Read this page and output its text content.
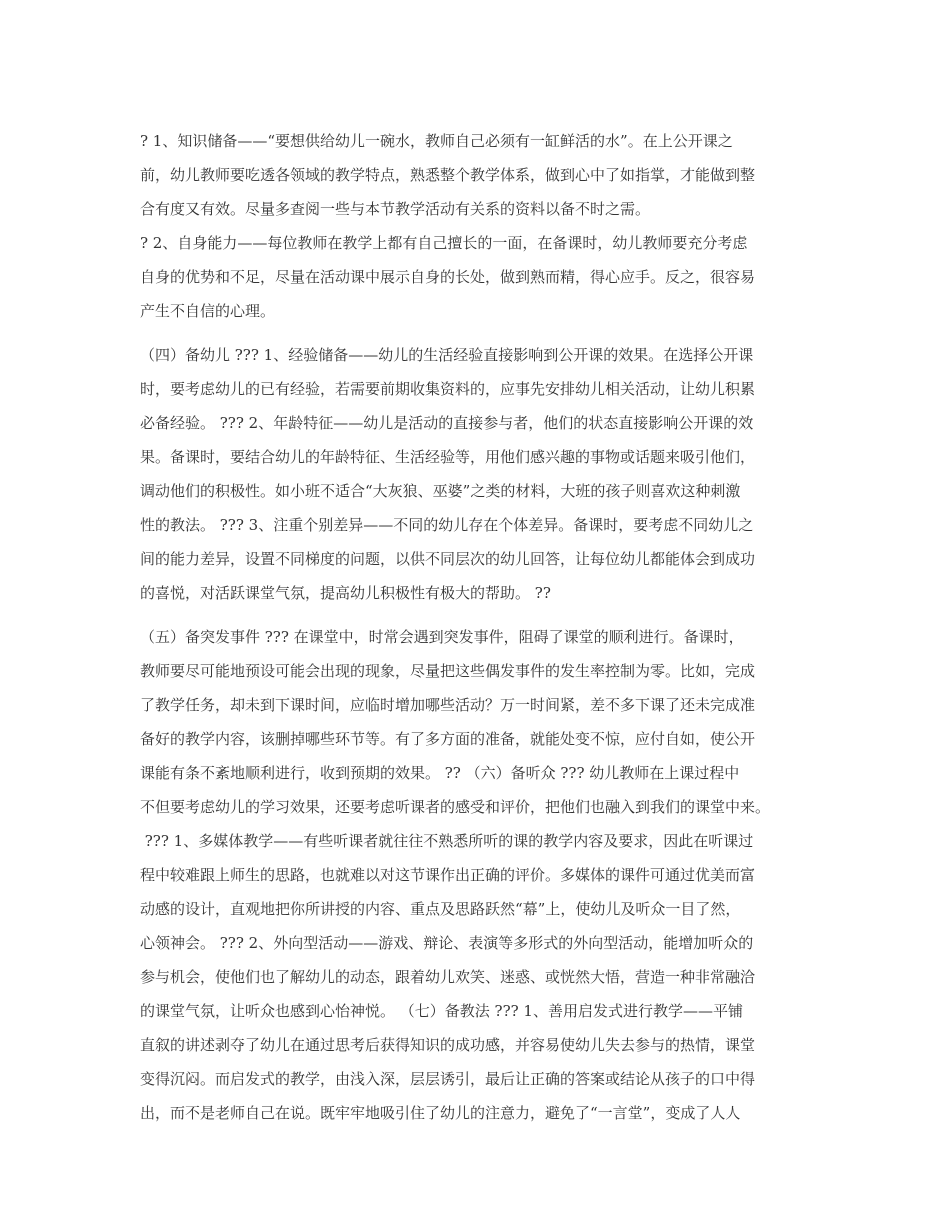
? 1、知识储备——“要想供给幼儿一碗水，教师自己必须有一缸鲜活的水”。在上公开课之
前，幼儿教师要吃透各领域的教学特点，熟悉整个教学体系，做到心中了如指掌，才能做到整
合有度又有效。尽量多查阅一些与本节教学活动有关系的资料以备不时之需。
? 2、自身能力——每位教师在教学上都有自己擅长的一面，在备课时，幼儿教师要充分考虑
自身的优势和不足，尽量在活动课中展示自身的长处，做到熟而精，得心应手。反之，很容易
产生不自信的心理。
（四）备幼儿 ??? 1、经验储备——幼儿的生活经验直接影响到公开课的效果。在选择公开课
时，要考虑幼儿的已有经验，若需要前期收集资料的，应事先安排幼儿相关活动，让幼儿积累
必备经验。 ??? 2、年龄特征——幼儿是活动的直接参与者，他们的状态直接影响公开课的效
果。备课时，要结合幼儿的年龄特征、生活经验等，用他们感兴趣的事物或话题来吸引他们，
调动他们的积极性。如小班不适合“大灰狼、巫婆”之类的材料，大班的孩子则喜欢这种刺激
性的教法。 ??? 3、注重个别差异——不同的幼儿存在个体差异。备课时，要考虑不同幼儿之
间的能力差异，设置不同梯度的问题，以供不同层次的幼儿回答，让每位幼儿都能体会到成功
的喜悦，对活跃课堂气氛，提高幼儿积极性有极大的帮助。 ??
（五）备突发事件 ??? 在课堂中，时常会遇到突发事件，阻碍了课堂的顺利进行。备课时，
教师要尽可能地预设可能会出现的现象，尽量把这些偶发事件的发生率控制为零。比如，完成
了教学任务，却未到下课时间，应临时增加哪些活动？万一时间紧，差不多下课了还未完成准
备好的教学内容，该删掉哪些环节等。有了多方面的准备，就能处变不惊，应付自如，使公开
课能有条不紊地顺利进行，收到预期的效果。 ?? （六）备听众 ??? 幼儿教师在上课过程中
不但要考虑幼儿的学习效果，还要考虑听课者的感受和评价，把他们也融入到我们的课堂中来。
??? 1、多媒体教学——有些听课者就往往不熟悉所听的课的教学内容及要求，因此在听课过
程中较难跟上师生的思路，也就难以对这节课作出正确的评价。多媒体的课件可通过优美而富
动感的设计，直观地把你所讲授的内容、重点及思路跃然“幕”上，使幼儿及听众一目了然，
心领神会。 ??? 2、外向型活动——游戏、辩论、表演等多形式的外向型活动，能增加听众的
参与机会，使他们也了解幼儿的动态，跟着幼儿欢笑、迷惑、或恍然大悟，营造一种非常融洽
的课堂气氛，让听众也感到心怡神悦。 （七）备教法 ??? 1、善用启发式进行教学——平铺
直叙的讲述剥夺了幼儿在通过思考后获得知识的成功感，并容易使幼儿失去参与的热情，课堂
变得沉闷。而启发式的教学，由浅入深，层层诱引，最后让正确的答案或结论从孩子的口中得
出，而不是老师自己在说。既牢牢地吸引住了幼儿的注意力，避免了“一言堂”，变成了人人
